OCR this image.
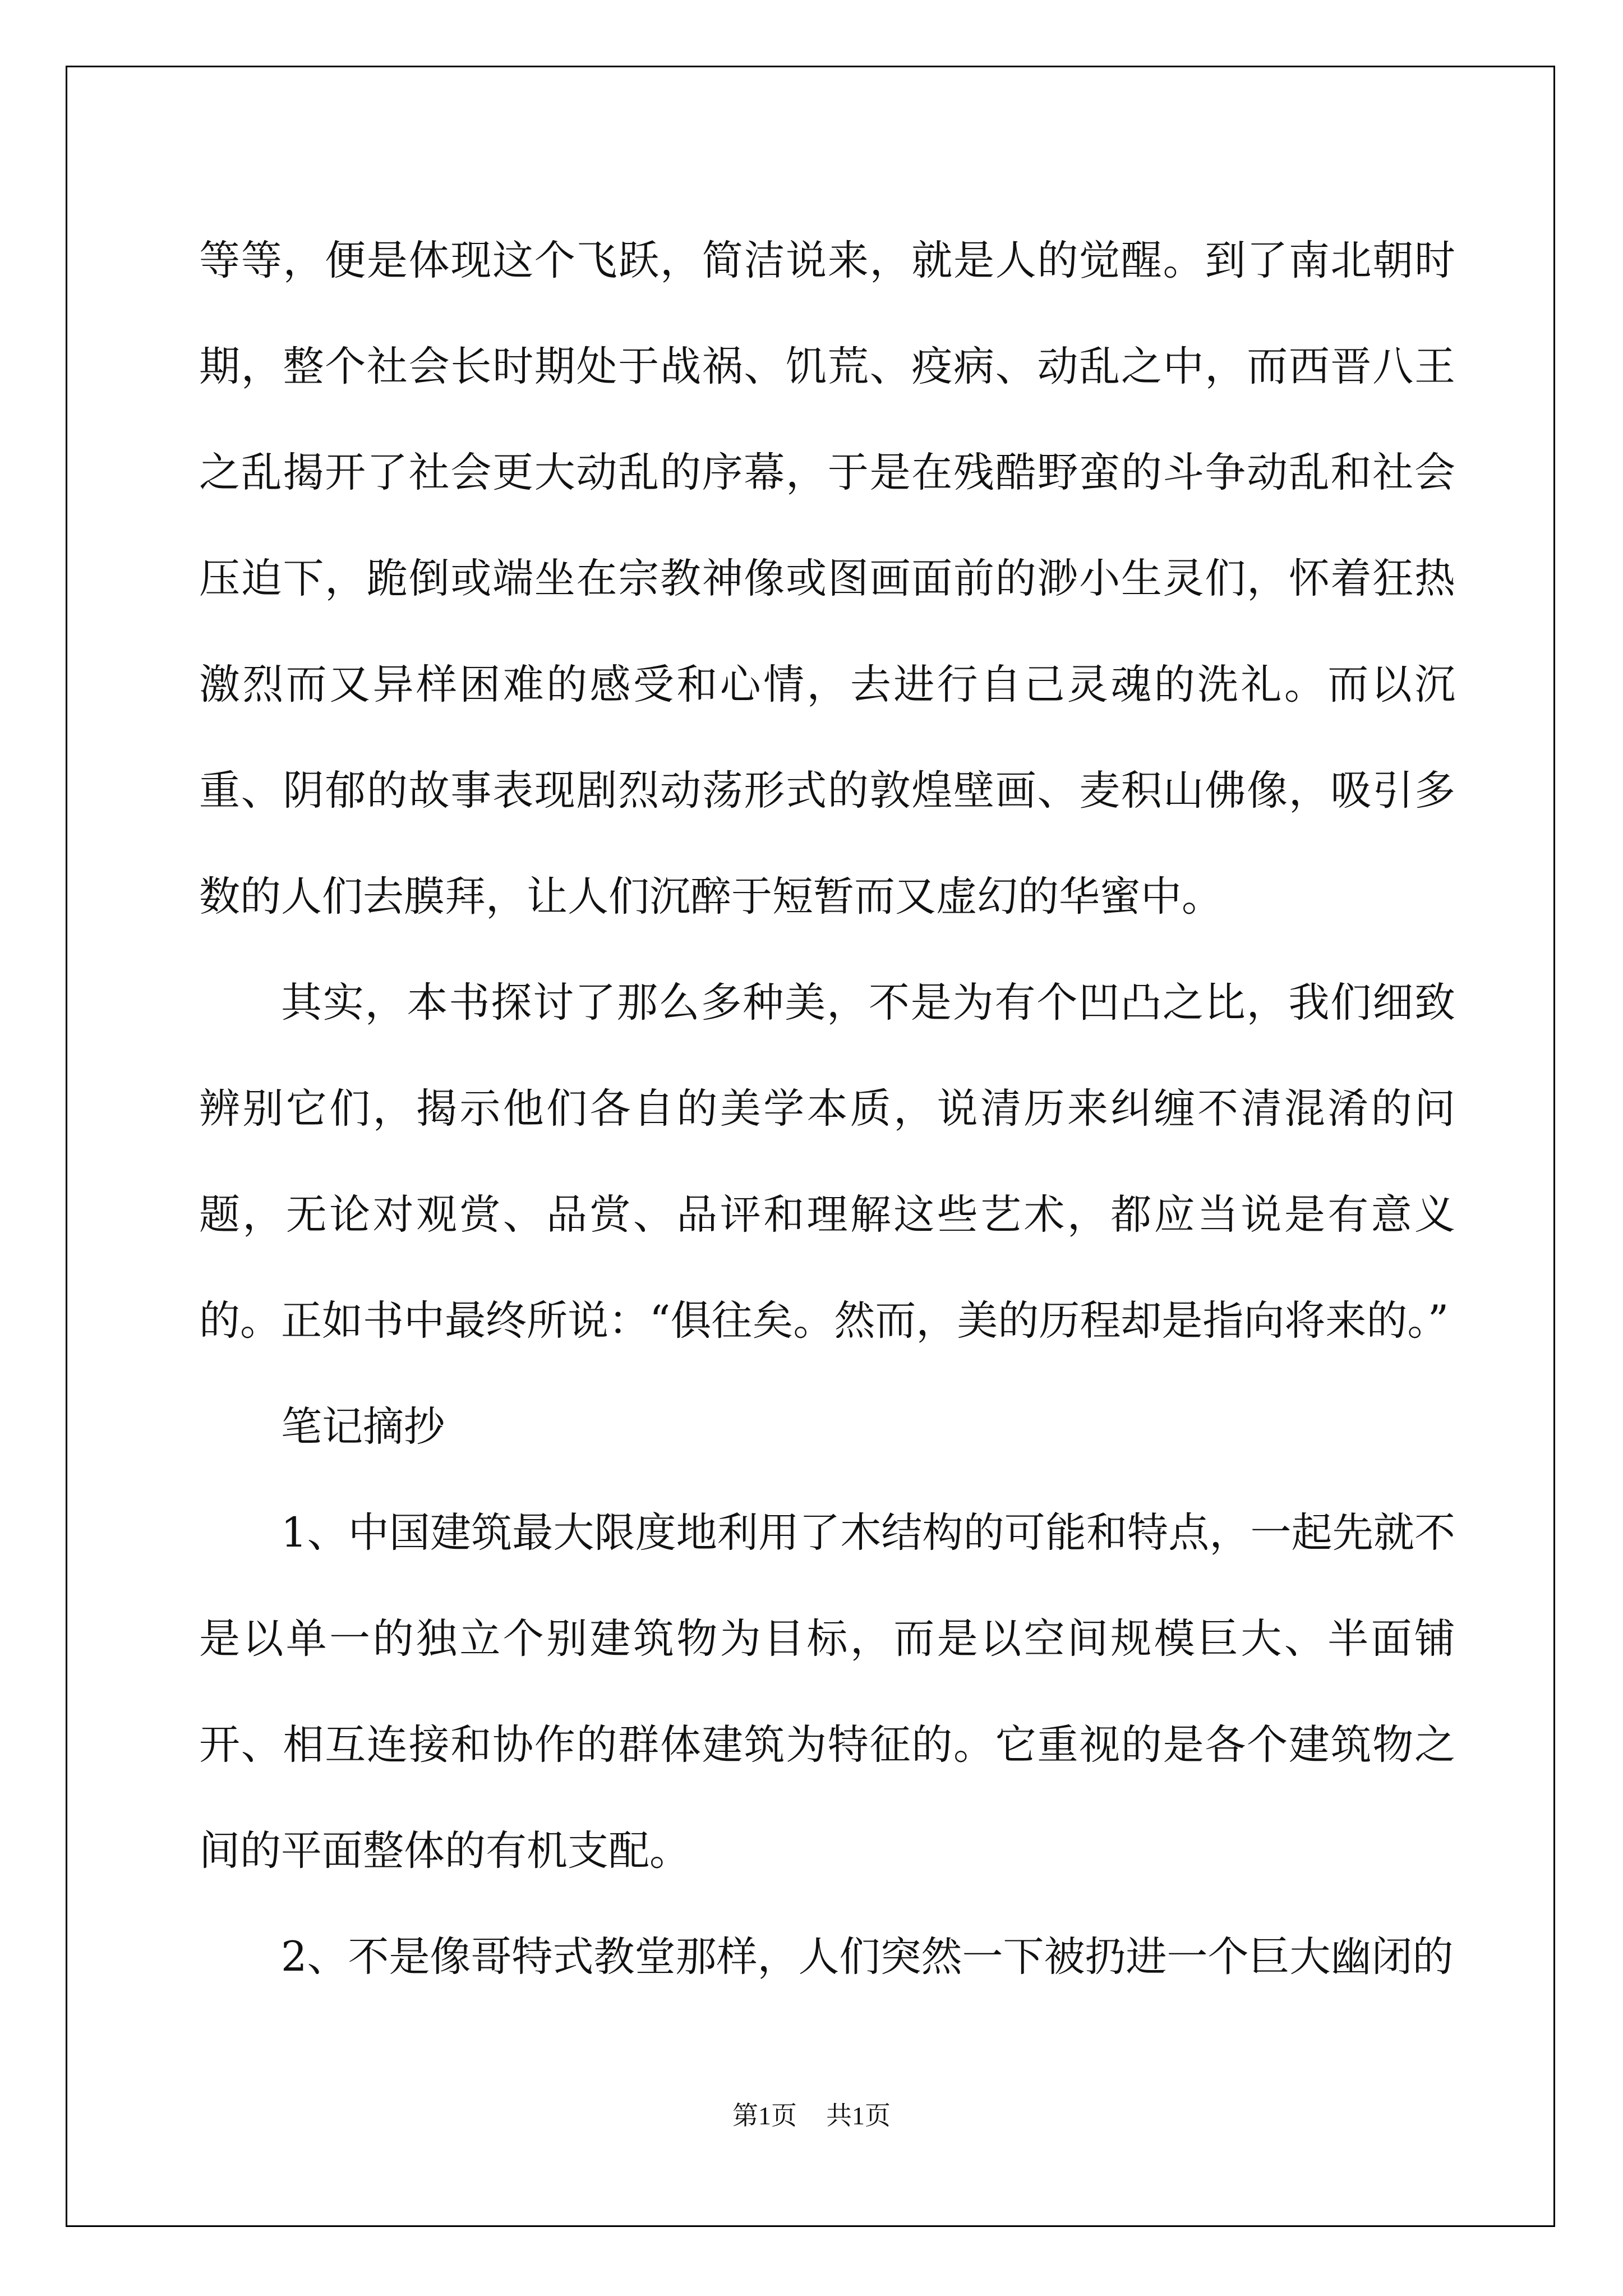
等等，便是体现这个飞跃，简洁说来，就是人的觉醒。到了南北朝时期，整个社会长时期处于战祸、饥荒、疫病、动乱之中，而西晋八王之乱揭开了社会更大动乱的序幕，于是在残酷野蛮的斗争动乱和社会压迫下，跪倒或端坐在宗教神像或图画面前的渺小生灵们，怀着狂热激烈而又异样困难的感受和心情，去进行自己灵魂的洗礼。而以沉重、阴郁的故事表现剧烈动荡形式的敦煌壁画、麦积山佛像，吸引多数的人们去膜拜，让人们沉醉于短暂而又虚幻的华蜜中。

其实，本书探讨了那么多种美，不是为有个凹凸之比，我们细致辨别它们，揭示他们各自的美学本质，说清历来纠缠不清混淆的问题，无论对观赏、品赏、品评和理解这些艺术，都应当说是有意义的。正如书中最终所说：“俱往矣。然而，美的历程却是指向将来的。”

笔记摘抄

1、中国建筑最大限度地利用了木结构的可能和特点，一起先就不是以单一的独立个别建筑物为目标，而是以空间规模巨大、半面铺开、相互连接和协作的群体建筑为特征的。它重视的是各个建筑物之间的平面整体的有机支配。

2、不是像哥特式教堂那样，人们突然一下被扔进一个巨大幽闭的

第1页 共1页
